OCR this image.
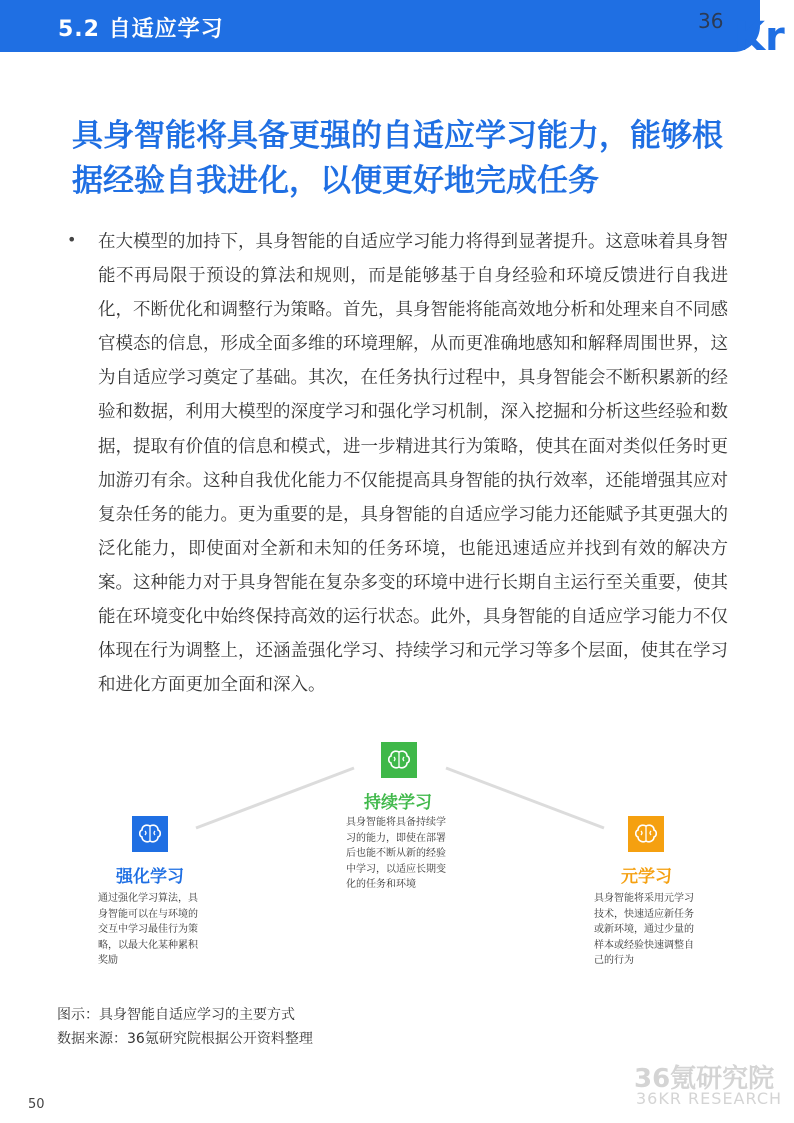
5.2 自适应学习	36 Kr
具身智能将具备更强的自适应学习能力，能够根据经验自我进化，以便更好地完成任务
• 在大模型的加持下，具身智能的自适应学习能力将得到显著提升。这意味着具身智能不再局限于预设的算法和规则，而是能够基于自身经验和环境反馈进行自我进化，不断优化和调整行为策略。首先，具身智能将能高效地分析和处理来自不同感官模态的信息，形成全面多维的环境理解，从而更准确地感知和解释周围世界，这为自适应学习奠定了基础。其次，在任务执行过程中，具身智能会不断积累新的经验和数据，利用大模型的深度学习和强化学习机制，深入挖掘和分析这些经验和数据，提取有价值的信息和模式，进一步精进其行为策略，使其在面对类似任务时更加游刃有余。这种自我优化能力不仅能提高具身智能的执行效率，还能增强其应对复杂任务的能力。更为重要的是，具身智能的自适应学习能力还能赋予其更强大的泛化能力，即使面对全新和未知的任务环境，也能迅速适应并找到有效的解决方案。这种能力对于具身智能在复杂多变的环境中进行长期自主运行至关重要，使其能在环境变化中始终保持高效的运行状态。此外，具身智能的自适应学习能力不仅体现在行为调整上，还涵盖强化学习、持续学习和元学习等多个层面，使其在学习和进化方面更加全面和深入。

强化学习

通过强化学习算法，具身智能可以在与环境的交互中学习最佳行为策略，以最大化某种累积奖励

持续学习

具身智能将具备持续学习的能力，即使在部署后也能不断从新的经验中学习，以适应长期变化的任务和环境	元学习

具身智能将采用元学习技术，快速适应新任务或新环境，通过少量的样本或经验快速调整自己的行为

图示：具身智能自适应学习的主要方式
数据来源：36氪研究院根据公开资料整理
36氪研究院
36KR RESEARCH
50
